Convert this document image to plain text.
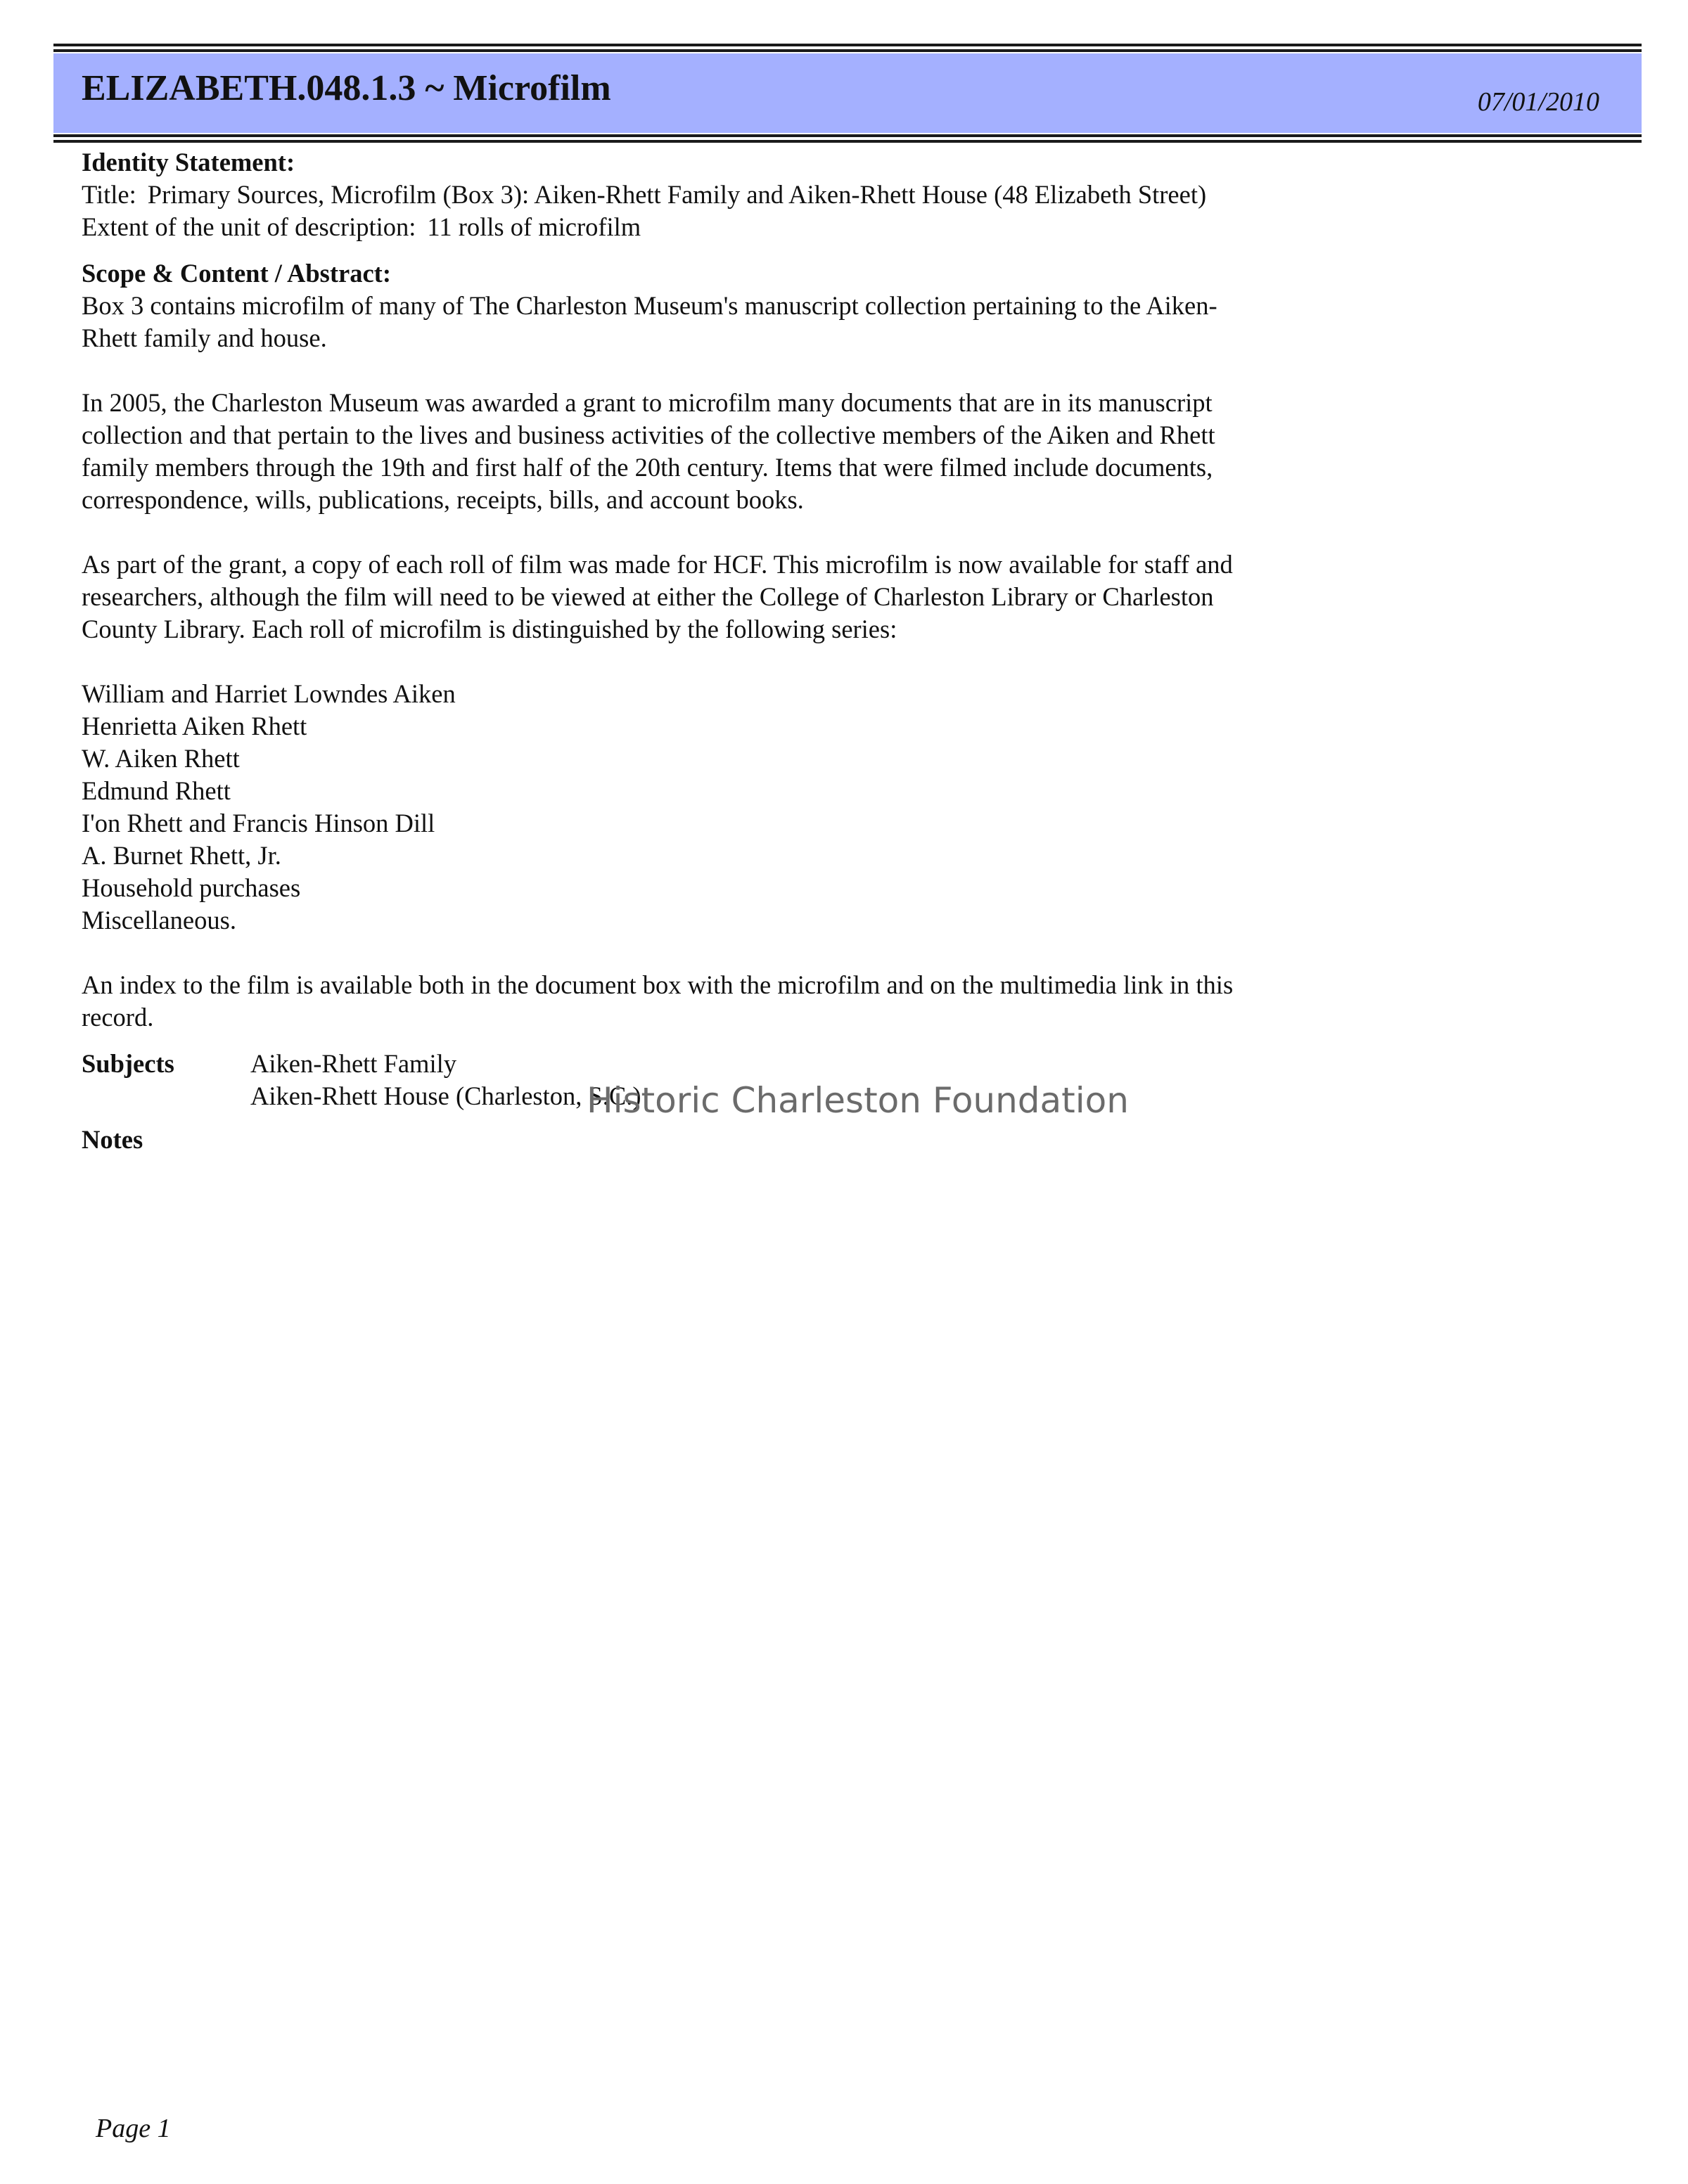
ELIZABETH.048.1.3 ~ Microfilm	07/01/2010

Identity Statement:

Title: Primary Sources, Microfilm (Box 3): Aiken-Rhett Family and Aiken-Rhett House (48 Elizabeth Street)

Extent of the unit of description: 11 rolls of microfilm

Scope & Content / Abstract:

Box 3 contains microfilm of many of The Charleston Museum's manuscript collection pertaining to the Aiken-Rhett family and house.

In 2005, the Charleston Museum was awarded a grant to microfilm many documents that are in its manuscript collection and that pertain to the lives and business activities of the collective members of the Aiken and Rhett family members through the 19th and first half of the 20th century. Items that were filmed include documents, correspondence, wills, publications, receipts, bills, and account books.

As part of the grant, a copy of each roll of film was made for HCF. This microfilm is now available for staff and researchers, although the film will need to be viewed at either the College of Charleston Library or Charleston County Library. Each roll of microfilm is distinguished by the following series:

William and Harriet Lowndes Aiken
Henrietta Aiken Rhett
W. Aiken Rhett
Edmund Rhett
I'on Rhett and Francis Hinson Dill
A. Burnet Rhett, Jr.
Household purchases
Miscellaneous.

An index to the film is available both in the document box with the microfilm and on the multimedia link in this record.

Subjects	Aiken-Rhett Family
Aiken-Rhett House (Charleston, S.C.)
Notes
Historic Charleston Foundation
Page 1
